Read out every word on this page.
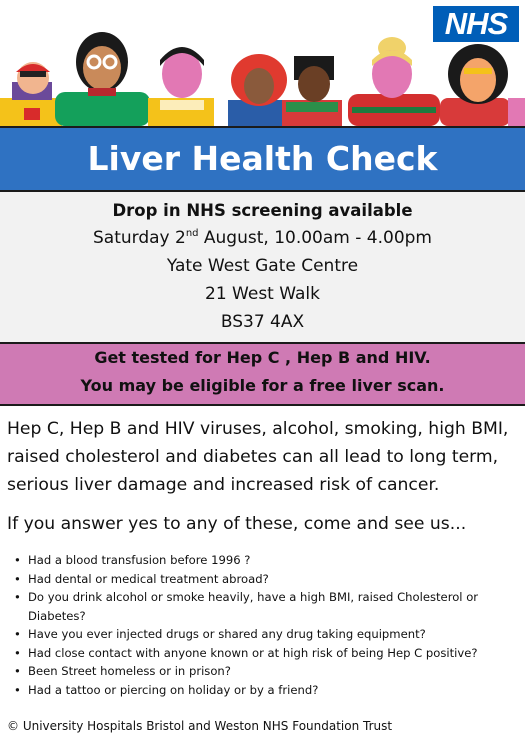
NHS
Liver Health Check
Drop in NHS screening available
Saturday 2nd August, 10.00am - 4.00pm
Yate West Gate Centre
21 West Walk
BS37 4AX
Get tested for Hep C , Hep B and HIV.
You may be eligible for a free liver scan.
Hep C, Hep B and HIV viruses, alcohol, smoking, high BMI, raised cholesterol and diabetes can all lead to long term, serious liver damage and increased risk of cancer.
If you answer yes to any of these, come and see us...
• Had a blood transfusion before 1996 ?
• Had dental or medical treatment abroad?
• Do you drink alcohol or smoke heavily, have a high BMI, raised Cholesterol or Diabetes?
• Have you ever injected drugs or shared any drug taking equipment?
• Had close contact with anyone known or at high risk of being Hep C positive?
• Been Street homeless or in prison?
• Had a tattoo or piercing on holiday or by a friend?
© University Hospitals Bristol and Weston NHS Foundation Trust
